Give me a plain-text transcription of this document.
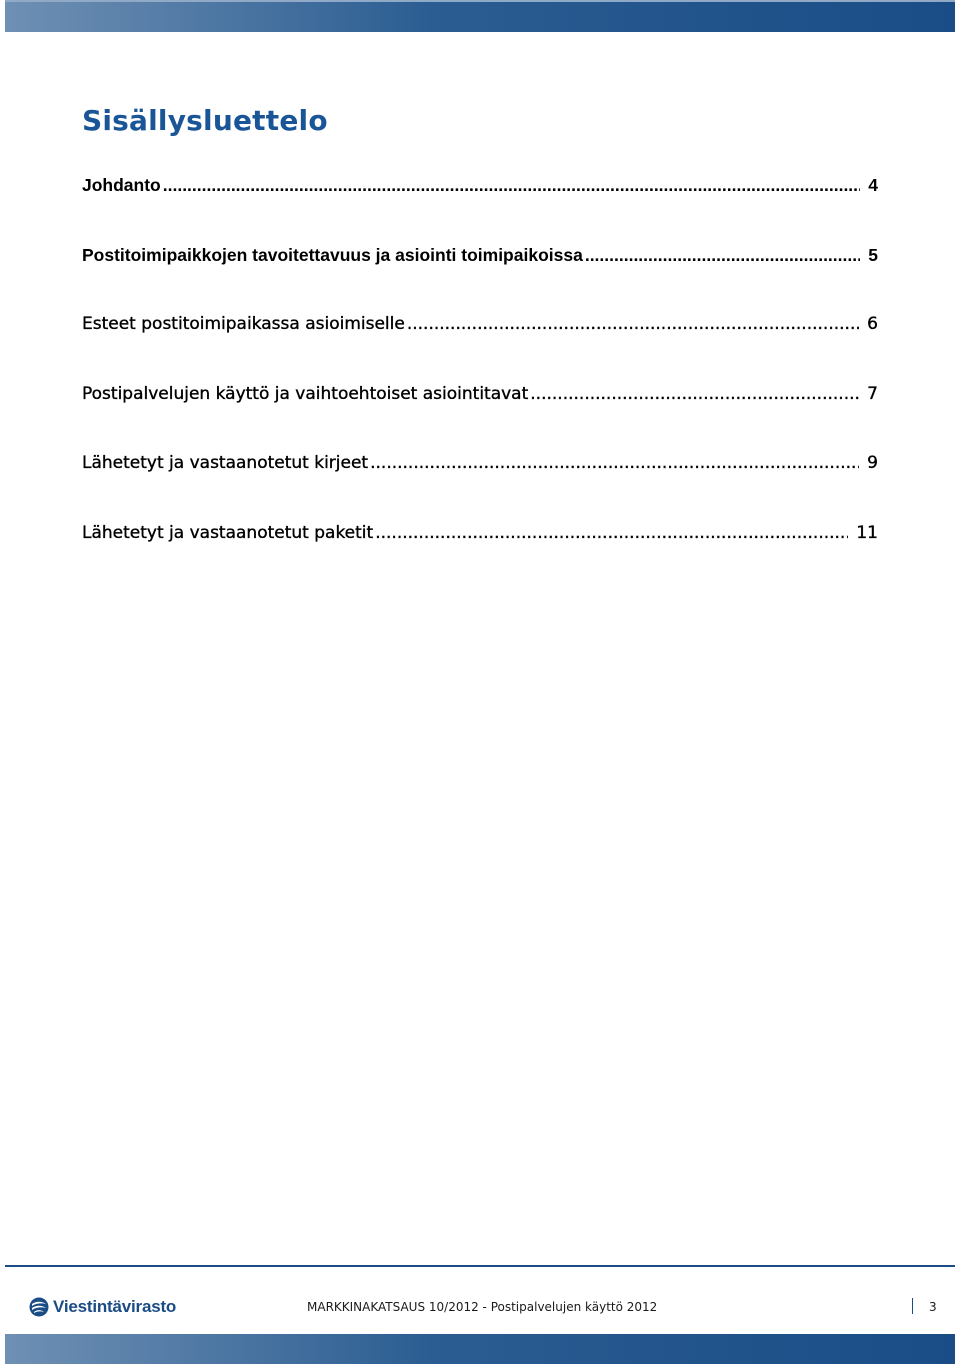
Sisällysluettelo
Johdanto .....	4
Postitoimipaikkojen tavoitettavuus ja asiointi toimipaikoissa .....	5
Esteet postitoimipaikassa asioimiselle .....	6
Postipalvelujen käyttö ja vaihtoehtoiset asiointitavat .....	7
Lähetetyt ja vastaanotetut kirjeet .....	9
Lähetetyt ja vastaanotetut paketit .....	11
Viestintävirasto	MARKKINAKATSAUS 10/2012 - Postipalvelujen käyttö 2012	3
